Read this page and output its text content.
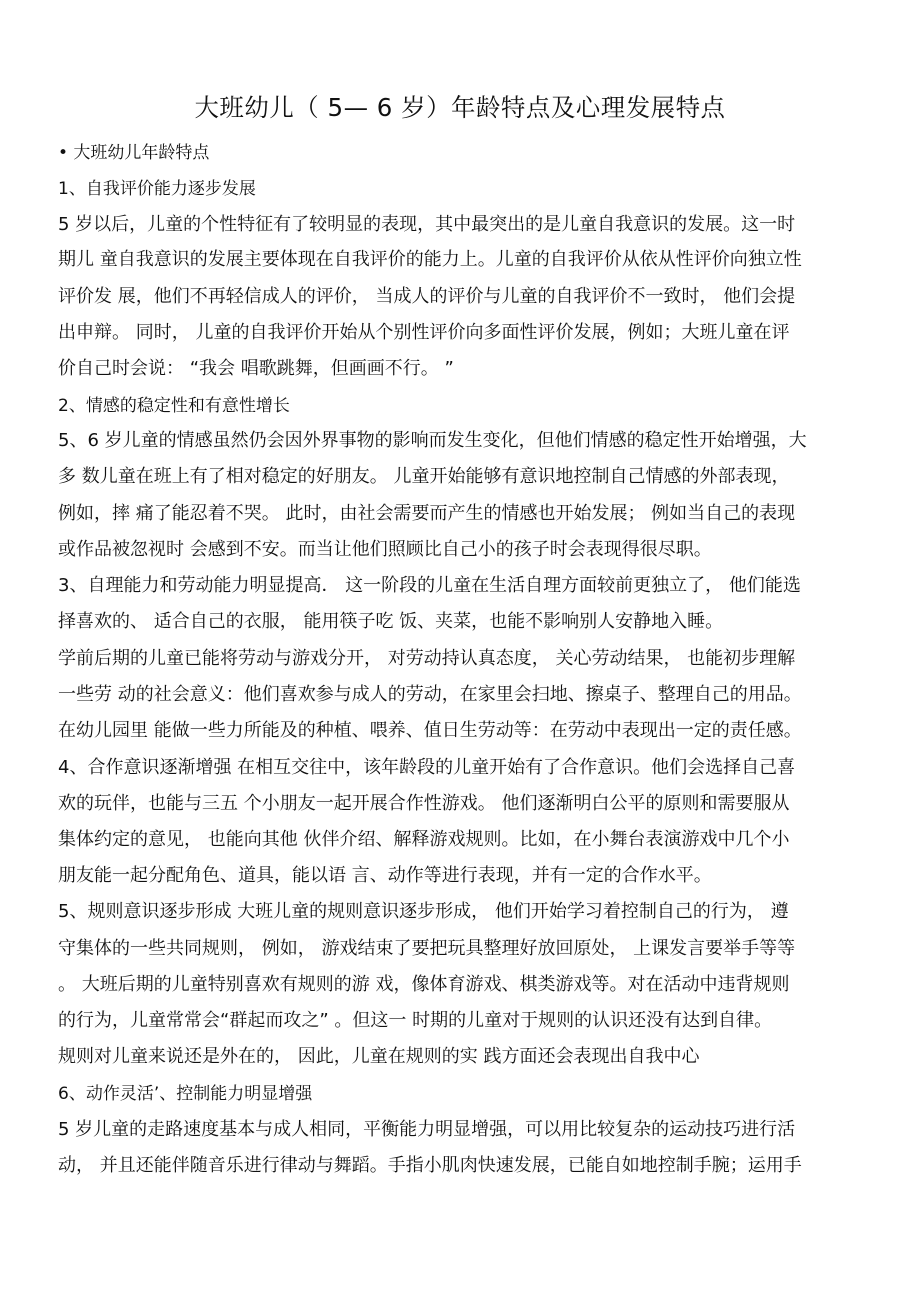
大班幼儿（ 5— 6 岁）年龄特点及心理发展特点
• 大班幼儿年龄特点
1、自我评价能力逐步发展
5 岁以后，儿童的个性特征有了较明显的表现，其中最突出的是儿童自我意识的发展。这一时
期儿 童自我意识的发展主要体现在自我评价的能力上。儿童的自我评价从依从性评价向独立性
评价发 展，他们不再轻信成人的评价， 当成人的评价与儿童的自我评价不一致时， 他们会提
出申辩。 同时， 儿童的自我评价开始从个别性评价向多面性评价发展，例如；大班儿童在评
价自己时会说： “我会 唱歌跳舞，但画画不行。 ”
2、情感的稳定性和有意性增长
5、6 岁儿童的情感虽然仍会因外界事物的影响而发生变化，但他们情感的稳定性开始增强，大
多 数儿童在班上有了相对稳定的好朋友。 儿童开始能够有意识地控制自己情感的外部表现，
例如，摔 痛了能忍着不哭。 此时，由社会需要而产生的情感也开始发展； 例如当自己的表现
或作品被忽视时 会感到不安。而当让他们照顾比自己小的孩子时会表现得很尽职。
3、自理能力和劳动能力明显提高． 这一阶段的儿童在生活自理方面较前更独立了， 他们能选
择喜欢的、 适合自己的衣服， 能用筷子吃 饭、夹菜，也能不影响别人安静地入睡。
学前后期的儿童已能将劳动与游戏分开， 对劳动持认真态度， 关心劳动结果， 也能初步理解
一些劳 动的社会意义：他们喜欢参与成人的劳动，在家里会扫地、擦桌子、整理自己的用品。
在幼儿园里 能做一些力所能及的种植、喂养、值日生劳动等：在劳动中表现出一定的责任感。
4、合作意识逐渐增强 在相互交往中，该年龄段的儿童开始有了合作意识。他们会选择自己喜
欢的玩伴，也能与三五 个小朋友一起开展合作性游戏。 他们逐渐明白公平的原则和需要服从
集体约定的意见， 也能向其他 伙伴介绍、解释游戏规则。比如，在小舞台表演游戏中几个小
朋友能一起分配角色、道具，能以语 言、动作等进行表现，并有一定的合作水平。
5、规则意识逐步形成 大班儿童的规则意识逐步形成， 他们开始学习着控制自己的行为， 遵
守集体的一些共同规则， 例如， 游戏结束了要把玩具整理好放回原处， 上课发言要举手等等
。 大班后期的儿童特别喜欢有规则的游 戏，像体育游戏、棋类游戏等。对在活动中违背规则
的行为，儿童常常会“群起而攻之” 。但这一 时期的儿童对于规则的认识还没有达到自律。
规则对儿童来说还是外在的， 因此，儿童在规则的实 践方面还会表现出自我中心
6、动作灵活’、控制能力明显增强
5 岁儿童的走路速度基本与成人相同，平衡能力明显增强，可以用比较复杂的运动技巧进行活
动， 并且还能伴随音乐进行律动与舞蹈。手指小肌肉快速发展，已能自如地控制手腕；运用手
